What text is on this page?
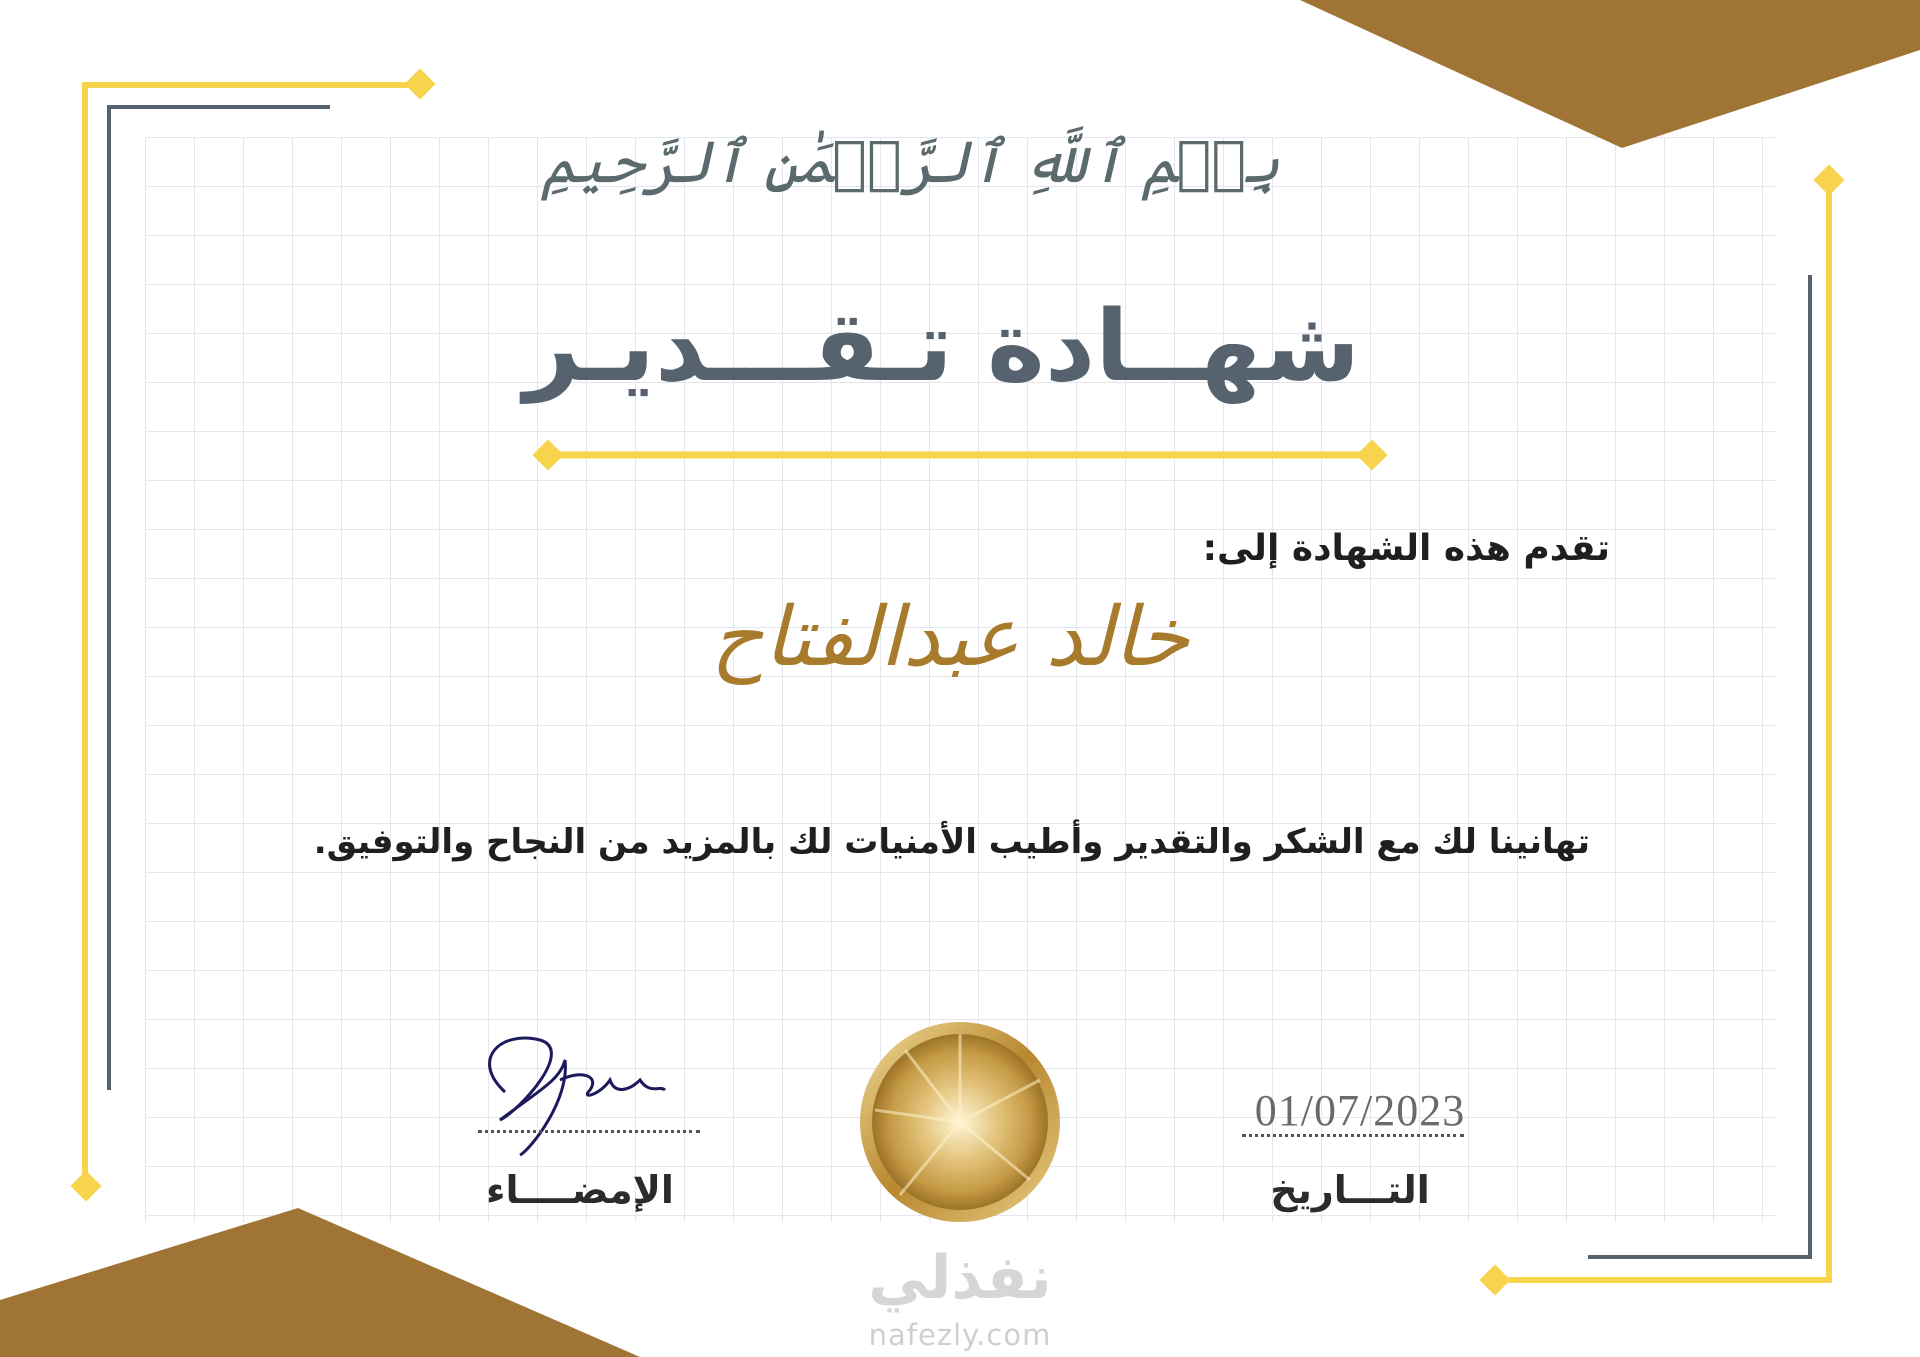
بِسۡمِ ٱللَّهِ ٱلرَّحۡمَٰنِ ٱلرَّحِيمِ
شهــادة تـقـــديـر
تقدم هذه الشهادة إلى:
خالد عبدالفتاح
تهانينا لك مع الشكر والتقدير وأطيب الأمنيات لك بالمزيد من النجاح والتوفيق.
01/07/2023
التـــاريخ
الإمضــــاء
نفذلي
nafezly.com
